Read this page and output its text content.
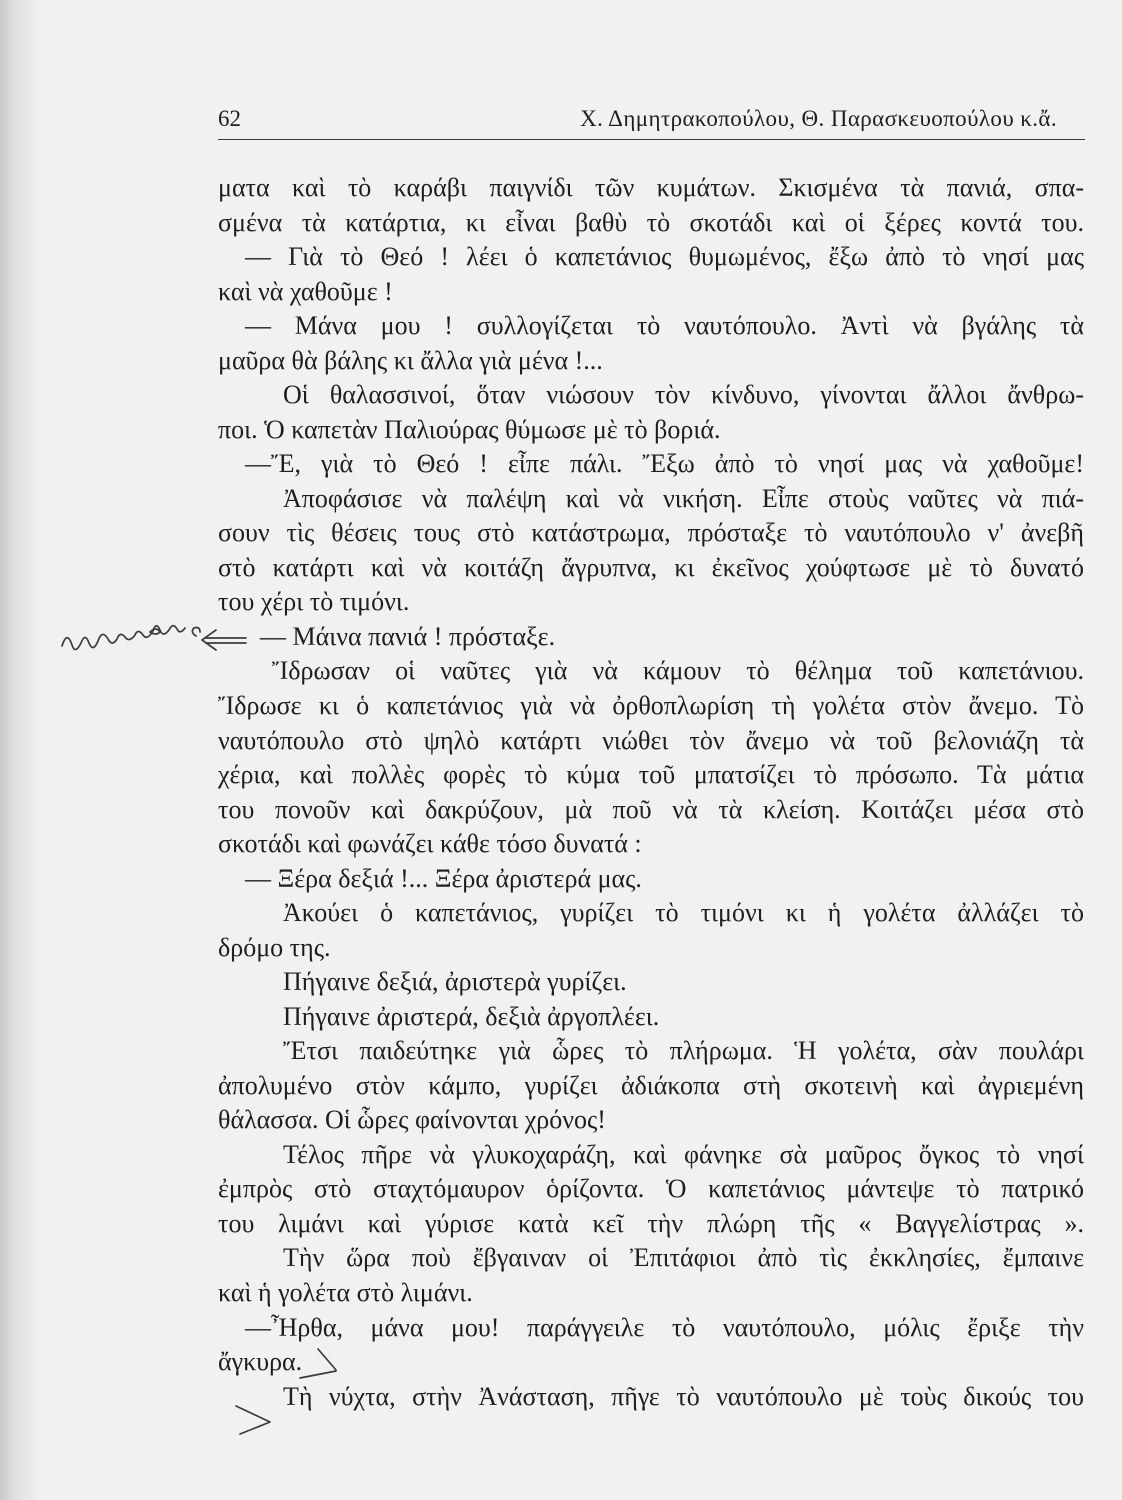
62	Χ. Δημητρακοπούλου, Θ. Παρασκευοπούλου κ.ἄ.
ματα καὶ τὸ καράβι παιγνίδι τῶν κυμάτων. Σκισμένα τὰ πανιά, σπα-
σμένα τὰ κατάρτια, κι εἶναι βαθὺ τὸ σκοτάδι καὶ οἱ ξέρες κοντά του.
— Γιὰ τὸ Θεό ! λέει ὁ καπετάνιος θυμωμένος, ἔξω ἀπὸ τὸ νησί μας
καὶ νὰ χαθοῦμε !
— Μάνα μου ! συλλογίζεται τὸ ναυτόπουλο. Ἀντὶ νὰ βγάλης τὰ
μαῦρα θὰ βάλης κι ἄλλα γιὰ μένα !...
Οἱ θαλασσινοί, ὅταν νιώσουν τὸν κίνδυνο, γίνονται ἄλλοι ἄνθρω-
ποι. Ὁ καπετὰν Παλιούρας θύμωσε μὲ τὸ βοριά.
—Ἔ, γιὰ τὸ Θεό ! εἶπε πάλι. Ἔξω ἀπὸ τὸ νησί μας νὰ χαθοῦμε!
Ἀποφάσισε νὰ παλέψη καὶ νὰ νικήση. Εἶπε στοὺς ναῦτες νὰ πιά-
σουν τὶς θέσεις τους στὸ κατάστρωμα, πρόσταξε τὸ ναυτόπουλο ν' ἀνεβῆ
στὸ κατάρτι καὶ νὰ κοιτάζη ἄγρυπνα, κι ἐκεῖνος χούφτωσε μὲ τὸ δυνατό
του χέρι τὸ τιμόνι.
— Μάινα πανιά ! πρόσταξε.
Ἴδρωσαν οἱ ναῦτες γιὰ νὰ κάμουν τὸ θέλημα τοῦ καπετάνιου.
Ἴδρωσε κι ὁ καπετάνιος γιὰ νὰ ὀρθοπλωρίση τὴ γολέτα στὸν ἄνεμο. Τὸ
ναυτόπουλο στὸ ψηλὸ κατάρτι νιώθει τὸν ἄνεμο νὰ τοῦ βελονιάζη τὰ
χέρια, καὶ πολλὲς φορὲς τὸ κύμα τοῦ μπατσίζει τὸ πρόσωπο. Τὰ μάτια
του πονοῦν καὶ δακρύζουν, μὰ ποῦ νὰ τὰ κλείση. Κοιτάζει μέσα στὸ
σκοτάδι καὶ φωνάζει κάθε τόσο δυνατά :
— Ξέρα δεξιά !... Ξέρα ἀριστερά μας.
Ἀκούει ὁ καπετάνιος, γυρίζει τὸ τιμόνι κι ἡ γολέτα ἀλλάζει τὸ
δρόμο της.
Πήγαινε δεξιά, ἀριστερὰ γυρίζει.
Πήγαινε ἀριστερά, δεξιὰ ἀργοπλέει.
Ἔτσι παιδεύτηκε γιὰ ὧρες τὸ πλήρωμα. Ἡ γολέτα, σὰν πουλάρι
ἀπολυμένο στὸν κάμπο, γυρίζει ἀδιάκοπα στὴ σκοτεινὴ καὶ ἀγριεμένη
θάλασσα. Οἱ ὧρες φαίνονται χρόνος!
Τέλος πῆρε νὰ γλυκοχαράζη, καὶ φάνηκε σὰ μαῦρος ὄγκος τὸ νησί
ἐμπρὸς στὸ σταχτόμαυρον ὁρίζοντα. Ὁ καπετάνιος μάντεψε τὸ πατρικό
του λιμάνι καὶ γύρισε κατὰ κεῖ τὴν πλώρη τῆς « Βαγγελίστρας ».
Τὴν ὥρα ποὺ ἔβγαιναν οἱ Ἐπιτάφιοι ἀπὸ τὶς ἐκκλησίες, ἔμπαινε
καὶ ἡ γολέτα στὸ λιμάνι.
—Ἦρθα, μάνα μου! παράγγειλε τὸ ναυτόπουλο, μόλις ἔριξε τὴν
ἄγκυρα.
Τὴ νύχτα, στὴν Ἀνάσταση, πῆγε τὸ ναυτόπουλο μὲ τοὺς δικούς του
